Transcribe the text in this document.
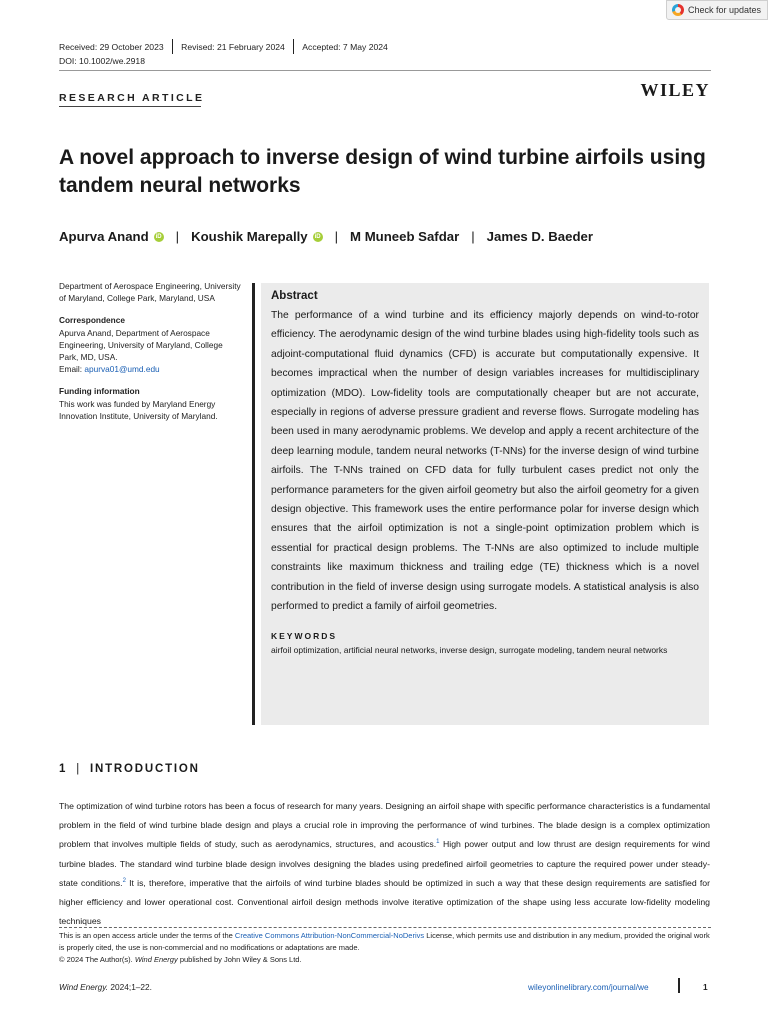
Check for updates
Received: 29 October 2023 Revised: 21 February 2024 Accepted: 7 May 2024
DOI: 10.1002/we.2918
RESEARCH ARTICLE	WILEY
A novel approach to inverse design of wind turbine airfoils using tandem neural networks
Apurva Anand	iD | Koushik Marepally	iD | M Muneeb Safdar | James D. Baeder
Department of Aerospace Engineering, University of Maryland, College Park, Maryland, USA
Correspondence
Apurva Anand, Department of Aerospace Engineering, University of Maryland, College Park, MD, USA.
Email: apurva01@umd.edu
Funding information
This work was funded by Maryland Energy Innovation Institute, University of Maryland.
Abstract

The performance of a wind turbine and its efficiency majorly depends on wind-to-rotor efficiency. The aerodynamic design of the wind turbine blades using high-fidelity tools such as adjoint-computational fluid dynamics (CFD) is accurate but computationally expensive. It becomes impractical when the number of design variables increases for multidisciplinary optimization (MDO). Low-fidelity tools are computationally cheaper but are not accurate, especially in regions of adverse pressure gradient and reverse flows. Surrogate modeling has been used in many aerodynamic problems. We develop and apply a recent architecture of the deep learning module, tandem neural networks (T-NNs) for the inverse design of wind turbine airfoils. The T-NNs trained on CFD data for fully turbulent cases predict not only the performance parameters for the given airfoil geometry but also the airfoil geometry for a given design objective. This framework uses the entire performance polar for inverse design which ensures that the airfoil optimization is not a single-point optimization problem which is essential for practical design problems. The T-NNs are also optimized to include multiple constraints like maximum thickness and trailing edge (TE) thickness which is a novel contribution in the field of inverse design using surrogate models. A statistical analysis is also performed to predict a family of airfoil geometries.

KEYWORDS
airfoil optimization, artificial neural networks, inverse design, surrogate modeling, tandem neural networks
1 | INTRODUCTION

The optimization of wind turbine rotors has been a focus of research for many years. Designing an airfoil shape with specific performance characteristics is a fundamental problem in the field of wind turbine blade design and plays a crucial role in improving the performance of wind turbines. The blade design is a complex optimization problem that involves multiple fields of study, such as aerodynamics, structures, and acoustics.$^1$ High power output and low thrust are design requirements for wind turbine blades. The standard wind turbine blade design involves designing the blades using predefined airfoil geometries to capture the required power under steady-state conditions.$^2$ It is, therefore, imperative that the airfoils of wind turbine blades should be optimized in such a way that these design requirements are satisfied for higher efficiency and lower operational cost. Conventional airfoil design methods involve iterative optimization of the shape using less accurate low-fidelity modeling techniques

This is an open access article under the terms of the Creative Commons Attribution-NonCommercial-NoDerivs License, which permits use and distribution in any medium, provided the original work is properly cited, the use is non-commercial and no modifications or adaptations are made.
© 2024 The Author(s). Wind Energy published by John Wiley & Sons Ltd.
Wind Energy. 2024;1–22.	wileyonlinelibrary.com/journal/we	1
